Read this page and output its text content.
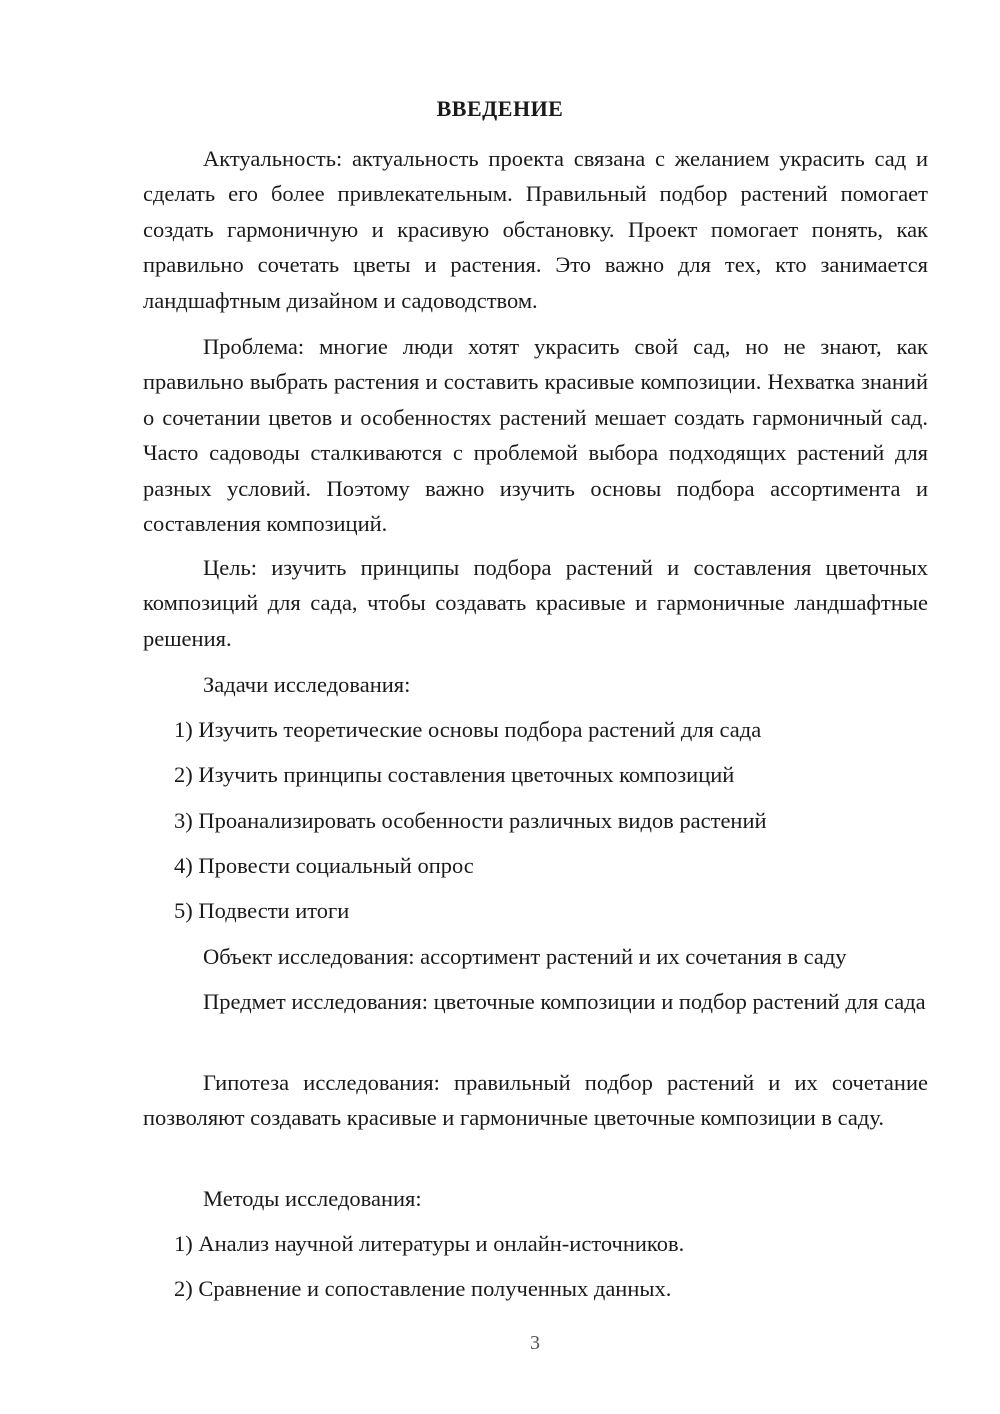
ВВЕДЕНИЕ

Актуальность: актуальность проекта связана с желанием украсить сад и сделать его более привлекательным. Правильный подбор растений помогает создать гармоничную и красивую обстановку. Проект помогает понять, как правильно сочетать цветы и растения. Это важно для тех, кто занимается ландшафтным дизайном и садоводством.

Проблема: многие люди хотят украсить свой сад, но не знают, как правильно выбрать растения и составить красивые композиции. Нехватка знаний о сочетании цветов и особенностях растений мешает создать гармоничный сад. Часто садоводы сталкиваются с проблемой выбора подходящих растений для разных условий. Поэтому важно изучить основы подбора ассортимента и составления композиций.

Цель: изучить принципы подбора растений и составления цветочных композиций для сада, чтобы создавать красивые и гармоничные ландшафтные решения.

Задачи исследования:

1) Изучить теоретические основы подбора растений для сада

2) Изучить принципы составления цветочных композиций

3) Проанализировать особенности различных видов растений

4) Провести социальный опрос

5) Подвести итоги

Объект исследования: ассортимент растений и их сочетания в саду

Предмет исследования: цветочные композиции и подбор растений для сада

Гипотеза исследования: правильный подбор растений и их сочетание позволяют создавать красивые и гармоничные цветочные композиции в саду.

Методы исследования:

1) Анализ научной литературы и онлайн-источников.

2) Сравнение и сопоставление полученных данных.

3
